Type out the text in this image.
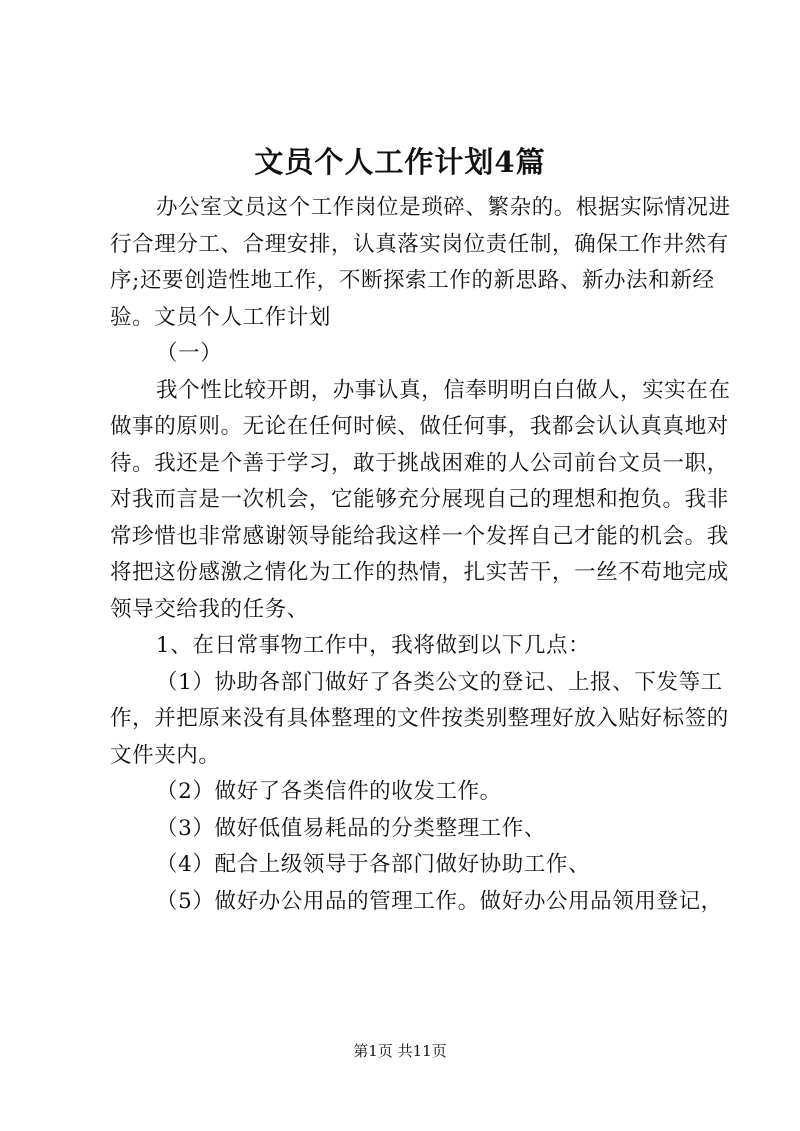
文员个人工作计划4篇
办公室文员这个工作岗位是琐碎、繁杂的。根据实际情况进
行合理分工、合理安排，认真落实岗位责任制，确保工作井然有
序;还要创造性地工作，不断探索工作的新思路、新办法和新经
验。文员个人工作计划
（一）
我个性比较开朗，办事认真，信奉明明白白做人，实实在在
做事的原则。无论在任何时候、做任何事，我都会认认真真地对
待。我还是个善于学习，敢于挑战困难的人公司前台文员一职，
对我而言是一次机会，它能够充分展现自己的理想和抱负。我非
常珍惜也非常感谢领导能给我这样一个发挥自己才能的机会。我
将把这份感激之情化为工作的热情，扎实苦干，一丝不苟地完成
领导交给我的任务、
1、在日常事物工作中，我将做到以下几点：
（1）协助各部门做好了各类公文的登记、上报、下发等工
作，并把原来没有具体整理的文件按类别整理好放入贴好标签的
文件夹内。
（2）做好了各类信件的收发工作。
（3）做好低值易耗品的分类整理工作、
（4）配合上级领导于各部门做好协助工作、
（5）做好办公用品的管理工作。做好办公用品领用登记，
第1页 共11页
